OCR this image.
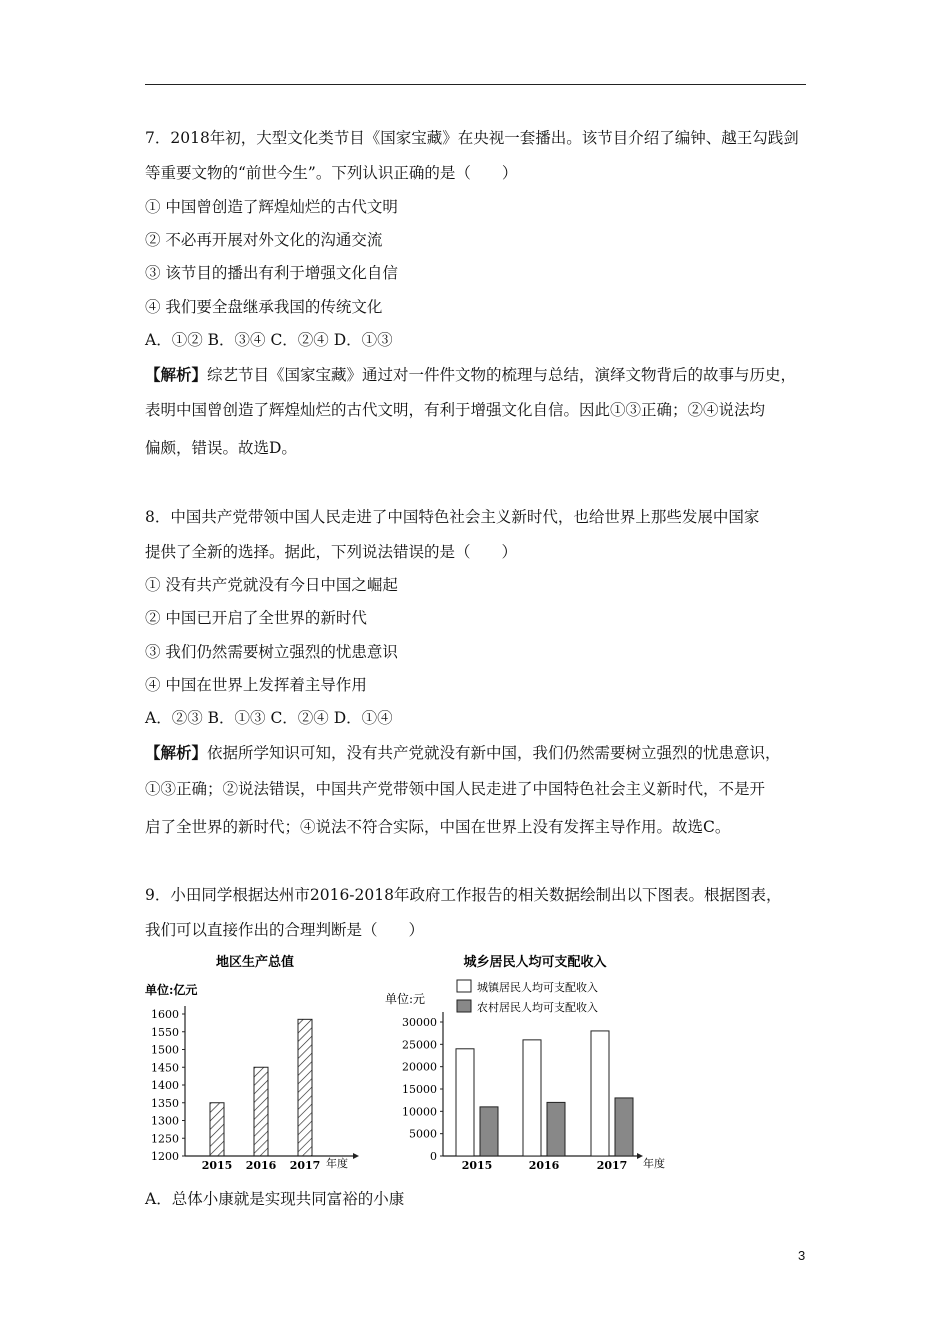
7．2018年初，大型文化类节目《国家宝藏》在央视一套播出。该节目介绍了编钟、越王勾践剑
等重要文物的“前世今生”。下列认识正确的是（　　）
① 中国曾创造了辉煌灿烂的古代文明
② 不必再开展对外文化的沟通交流
③ 该节目的播出有利于增强文化自信
④ 我们要全盘继承我国的传统文化
A．①② B．③④ C．②④ D．①③
【解析】综艺节目《国家宝藏》通过对一件件文物的梳理与总结，演绎文物背后的故事与历史，
表明中国曾创造了辉煌灿烂的古代文明，有利于增强文化自信。因此①③正确；②④说法均
偏颇，错误。故选D。
8．中国共产党带领中国人民走进了中国特色社会主义新时代，也给世界上那些发展中国家
提供了全新的选择。据此，下列说法错误的是（　　）
① 没有共产党就没有今日中国之崛起
② 中国已开启了全世界的新时代
③ 我们仍然需要树立强烈的忧患意识
④ 中国在世界上发挥着主导作用
A．②③ B．①③ C．②④ D．①④
【解析】依据所学知识可知，没有共产党就没有新中国，我们仍然需要树立强烈的忧患意识，
①③正确；②说法错误，中国共产党带领中国人民走进了中国特色社会主义新时代，不是开
启了全世界的新时代；④说法不符合实际，中国在世界上没有发挥主导作用。故选C。
9．小田同学根据达州市2016-2018年政府工作报告的相关数据绘制出以下图表。根据图表，
我们可以直接作出的合理判断是（　　）
地区生产总值
单位:亿元
年度
1200
1250
1300
1350
1400
1450
1500
1550
1600
2015 2016 2017
城乡居民人均可支配收入
单位:元
城镇居民人均可支配收入
农村居民人均可支配收入
年度
0
5000
10000
15000
20000
25000
30000
2015	2016	2017
A．总体小康就是实现共同富裕的小康
3
